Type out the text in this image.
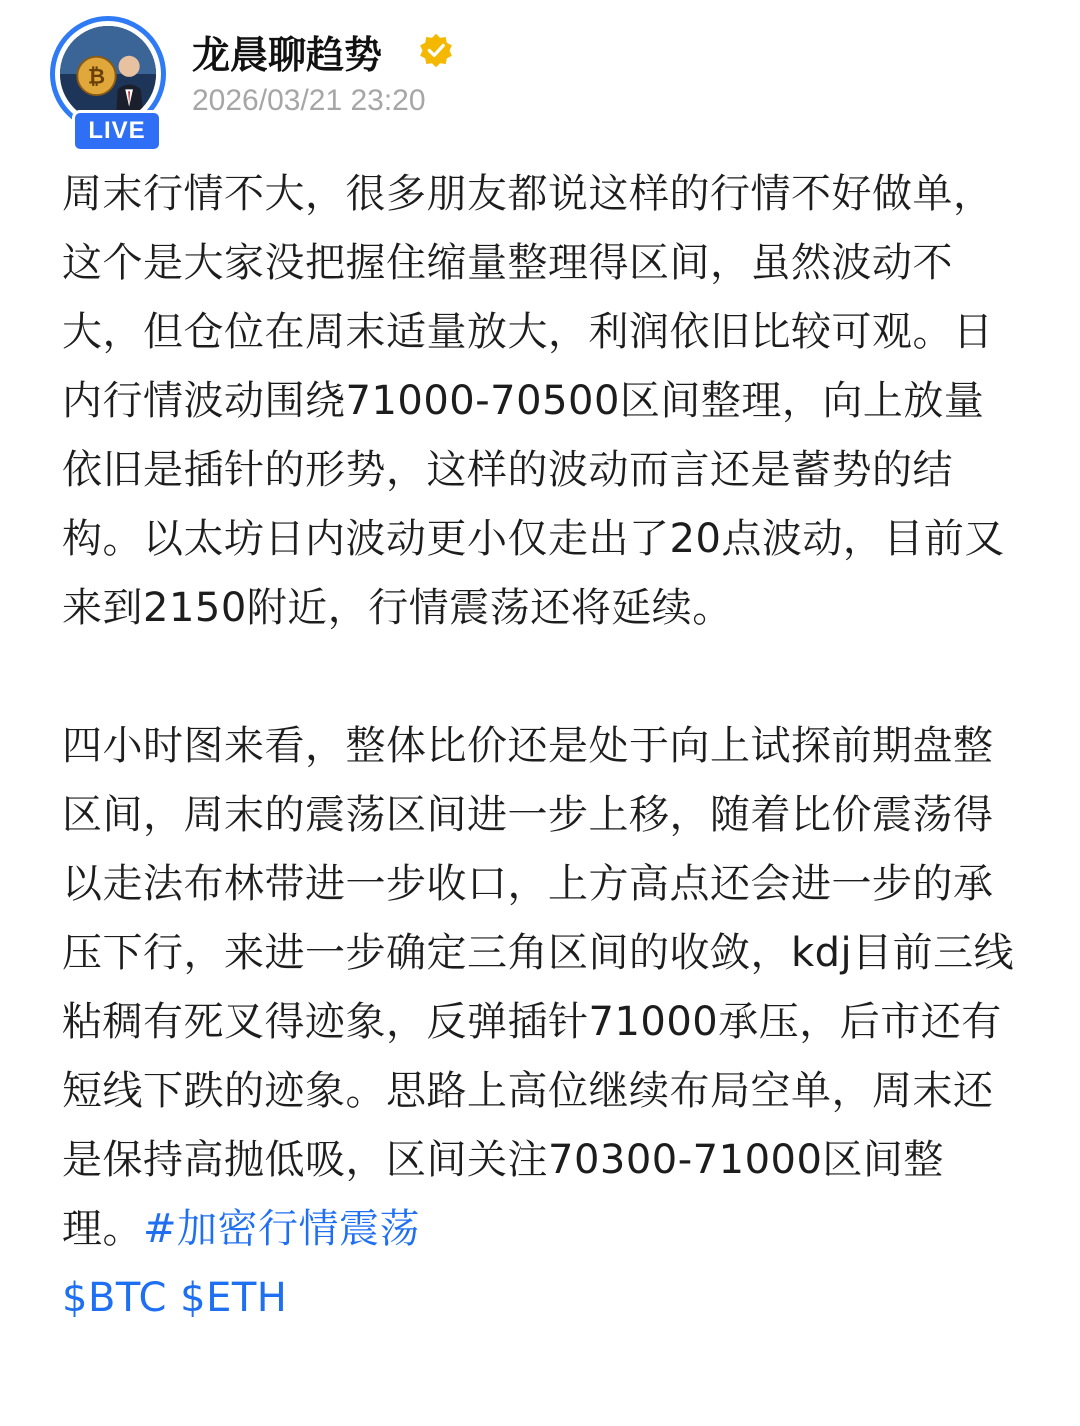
₿
LIVE
龙晨聊趋势
2026/03/21 23:20

周末行情不大，很多朋友都说这样的行情不好做单，这个是大家没把握住缩量整理得区间，虽然波动不大，但仓位在周末适量放大，利润依旧比较可观。日内行情波动围绕71000-70500区间整理，向上放量依旧是插针的形势，这样的波动而言还是蓄势的结构。以太坊日内波动更小仅走出了20点波动，目前又来到2150附近，行情震荡还将延续。

四小时图来看，整体比价还是处于向上试探前期盘整区间，周末的震荡区间进一步上移，随着比价震荡得以走法布林带进一步收口，上方高点还会进一步的承压下行，来进一步确定三角区间的收敛，kdj目前三线粘稠有死叉得迹象，反弹插针71000承压，后市还有短线下跌的迹象。思路上高位继续布局空单，周末还是保持高抛低吸，区间关注70300-71000区间整理。#加密行情震荡
$BTC $ETH
